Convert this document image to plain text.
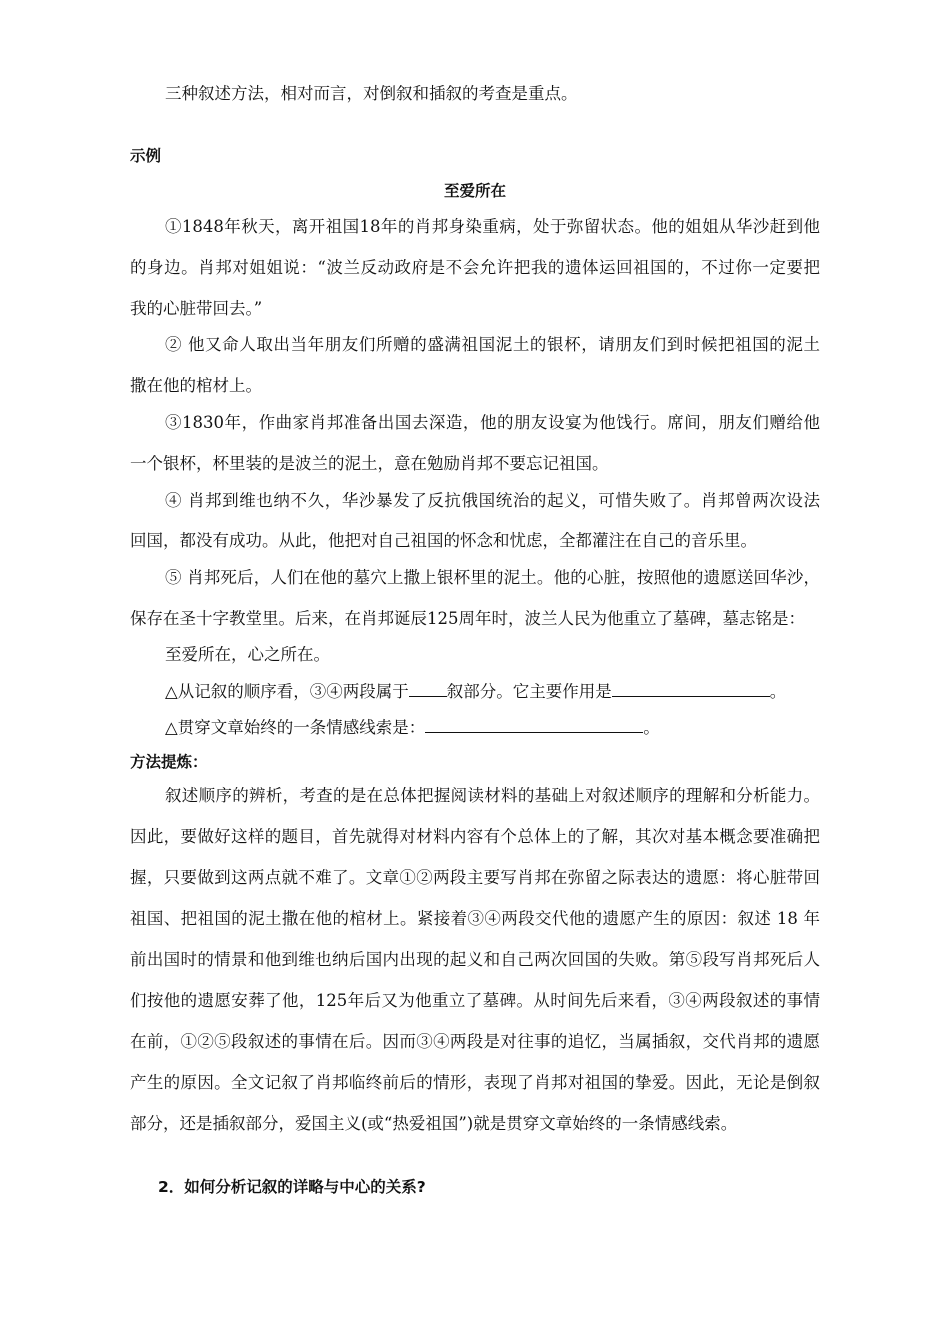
三种叙述方法，相对而言，对倒叙和插叙的考查是重点。
示例
至爱所在
①1848年秋天，离开祖国18年的肖邦身染重病，处于弥留状态。他的姐姐从华沙赶到他
的身边。肖邦对姐姐说：“波兰反动政府是不会允许把我的遗体运回祖国的，不过你一定要把
我的心脏带回去。”
② 他又命人取出当年朋友们所赠的盛满祖国泥土的银杯，请朋友们到时候把祖国的泥土
撒在他的棺材上。
③1830年，作曲家肖邦准备出国去深造，他的朋友设宴为他饯行。席间，朋友们赠给他
一个银杯，杯里装的是波兰的泥土，意在勉励肖邦不要忘记祖国。
④ 肖邦到维也纳不久，华沙暴发了反抗俄国统治的起义，可惜失败了。肖邦曾两次设法
回国，都没有成功。从此，他把对自己祖国的怀念和忧虑，全都灌注在自己的音乐里。
⑤ 肖邦死后，人们在他的墓穴上撒上银杯里的泥土。他的心脏，按照他的遗愿送回华沙，
保存在圣十字教堂里。后来，在肖邦诞辰125周年时，波兰人民为他重立了墓碑，墓志铭是：
至爱所在，心之所在。
△从记叙的顺序看，③④两段属于 叙部分。它主要作用是	。
△贯穿文章始终的一条情感线索是：	。
方法提炼：
叙述顺序的辨析，考查的是在总体把握阅读材料的基础上对叙述顺序的理解和分析能力。
因此，要做好这样的题目，首先就得对材料内容有个总体上的了解，其次对基本概念要准确把
握，只要做到这两点就不难了。文章①②两段主要写肖邦在弥留之际表达的遗愿：将心脏带回
祖国、把祖国的泥土撒在他的棺材上。紧接着③④两段交代他的遗愿产生的原因：叙述 18 年
前出国时的情景和他到维也纳后国内出现的起义和自己两次回国的失败。第⑤段写肖邦死后人
们按他的遗愿安葬了他，125年后又为他重立了墓碑。从时间先后来看，③④两段叙述的事情
在前，①②⑤段叙述的事情在后。因而③④两段是对往事的追忆，当属插叙，交代肖邦的遗愿
产生的原因。全文记叙了肖邦临终前后的情形，表现了肖邦对祖国的挚爱。因此，无论是倒叙
部分，还是插叙部分，爱国主义(或“热爱祖国”)就是贯穿文章始终的一条情感线索。
2．如何分析记叙的详略与中心的关系?
